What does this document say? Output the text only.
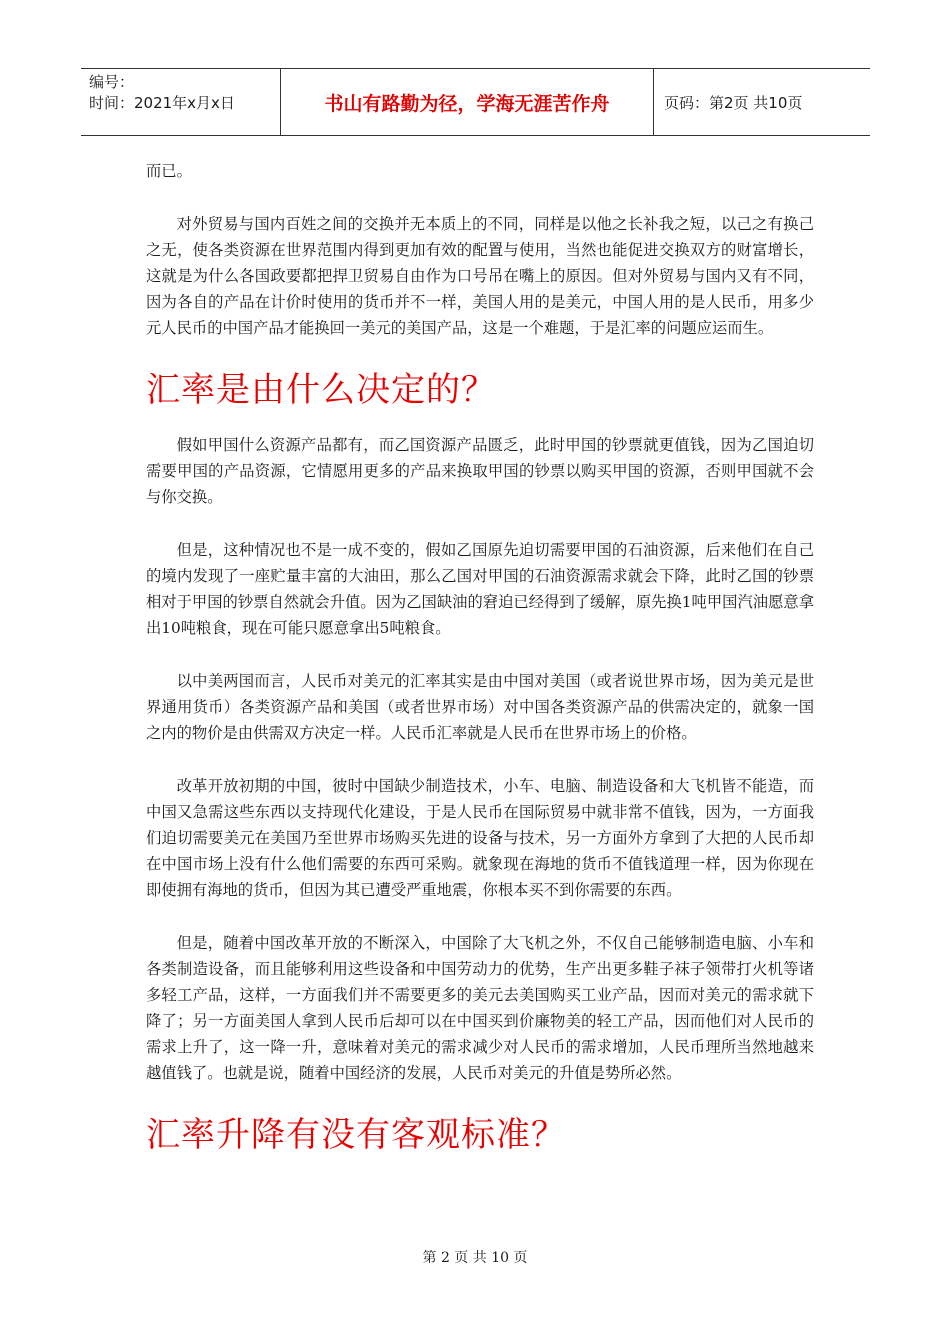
编号：
时间：2021年x月x日	书山有路勤为径，学海无涯苦作舟	页码：第2页 共10页

而已。

对外贸易与国内百姓之间的交换并无本质上的不同，同样是以他之长补我之短，以己之有换己之无，使各类资源在世界范围内得到更加有效的配置与使用，当然也能促进交换双方的财富增长，这就是为什么各国政要都把捍卫贸易自由作为口号吊在嘴上的原因。但对外贸易与国内又有不同，因为各自的产品在计价时使用的货币并不一样，美国人用的是美元，中国人用的是人民币，用多少元人民币的中国产品才能换回一美元的美国产品，这是一个难题，于是汇率的问题应运而生。

汇率是由什么决定的？

假如甲国什么资源产品都有，而乙国资源产品匮乏，此时甲国的钞票就更值钱，因为乙国迫切需要甲国的产品资源，它情愿用更多的产品来换取甲国的钞票以购买甲国的资源，否则甲国就不会与你交换。

但是，这种情况也不是一成不变的，假如乙国原先迫切需要甲国的石油资源，后来他们在自己的境内发现了一座贮量丰富的大油田，那么乙国对甲国的石油资源需求就会下降，此时乙国的钞票相对于甲国的钞票自然就会升值。因为乙国缺油的窘迫已经得到了缓解，原先换1吨甲国汽油愿意拿出10吨粮食，现在可能只愿意拿出5吨粮食。

以中美两国而言，人民币对美元的汇率其实是由中国对美国（或者说世界市场，因为美元是世界通用货币）各类资源产品和美国（或者世界市场）对中国各类资源产品的供需决定的，就象一国之内的物价是由供需双方决定一样。人民币汇率就是人民币在世界市场上的价格。

改革开放初期的中国，彼时中国缺少制造技术，小车、电脑、制造设备和大飞机皆不能造，而中国又急需这些东西以支持现代化建设，于是人民币在国际贸易中就非常不值钱，因为，一方面我们迫切需要美元在美国乃至世界市场购买先进的设备与技术，另一方面外方拿到了大把的人民币却在中国市场上没有什么他们需要的东西可采购。就象现在海地的货币不值钱道理一样，因为你现在即使拥有海地的货币，但因为其已遭受严重地震，你根本买不到你需要的东西。

但是，随着中国改革开放的不断深入，中国除了大飞机之外，不仅自己能够制造电脑、小车和各类制造设备，而且能够利用这些设备和中国劳动力的优势，生产出更多鞋子袜子领带打火机等诸多轻工产品，这样，一方面我们并不需要更多的美元去美国购买工业产品，因而对美元的需求就下降了；另一方面美国人拿到人民币后却可以在中国买到价廉物美的轻工产品，因而他们对人民币的需求上升了，这一降一升，意味着对美元的需求减少对人民币的需求增加，人民币理所当然地越来越值钱了。也就是说，随着中国经济的发展，人民币对美元的升值是势所必然。

汇率升降有没有客观标准？
第 2 页 共 10 页
